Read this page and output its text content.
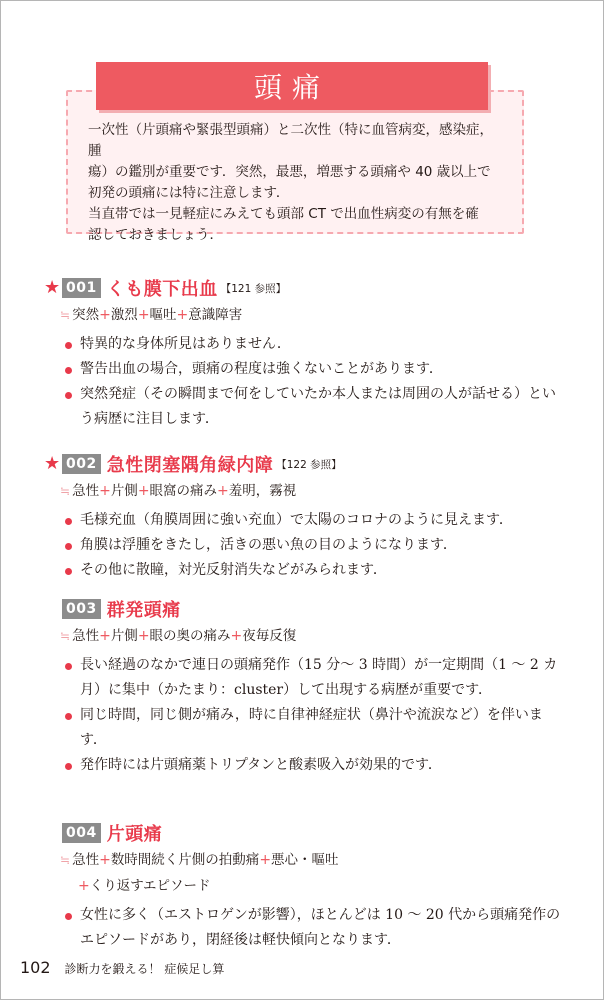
頭痛

一次性（片頭痛や緊張型頭痛）と二次性（特に血管病変，感染症，腫

瘍）の鑑別が重要です．突然，最悪，増悪する頭痛や 40 歳以上で

初発の頭痛には特に注意します．

当直帯では一見軽症にみえても頭部 CT で出血性病変の有無を確

認しておきましょう．

★ 001 くも膜下出血 【121 参照】
≒ 突然+激烈+嘔吐+意識障害
特異的な身体所見はありません．
警告出血の場合，頭痛の程度は強くないことがあります．
突然発症（その瞬間まで何をしていたか本人または周囲の人が話せる）という病歴に注目します．
★ 002 急性閉塞隅角緑内障 【122 参照】
≒ 急性+片側+眼窩の痛み+羞明，霧視
毛様充血（角膜周囲に強い充血）で太陽のコロナのように見えます．
角膜は浮腫をきたし，活きの悪い魚の目のようになります．
その他に散瞳，対光反射消失などがみられます．
003 群発頭痛
≒ 急性+片側+眼の奥の痛み+夜毎反復
長い経過のなかで連日の頭痛発作（15 分～ 3 時間）が一定期間（1 ～ 2 カ月）に集中（かたまり：cluster）して出現する病歴が重要です．
同じ時間，同じ側が痛み，時に自律神経症状（鼻汁や流涙など）を伴います．
発作時には片頭痛薬トリプタンと酸素吸入が効果的です．
004 片頭痛
≒ 急性+数時間続く片側の拍動痛+悪心・嘔吐
+くり返すエピソード
女性に多く（エストロゲンが影響），ほとんどは 10 ～ 20 代から頭痛発作のエピソードがあり，閉経後は軽快傾向となります．
102 診断力を鍛える！ 症候足し算
